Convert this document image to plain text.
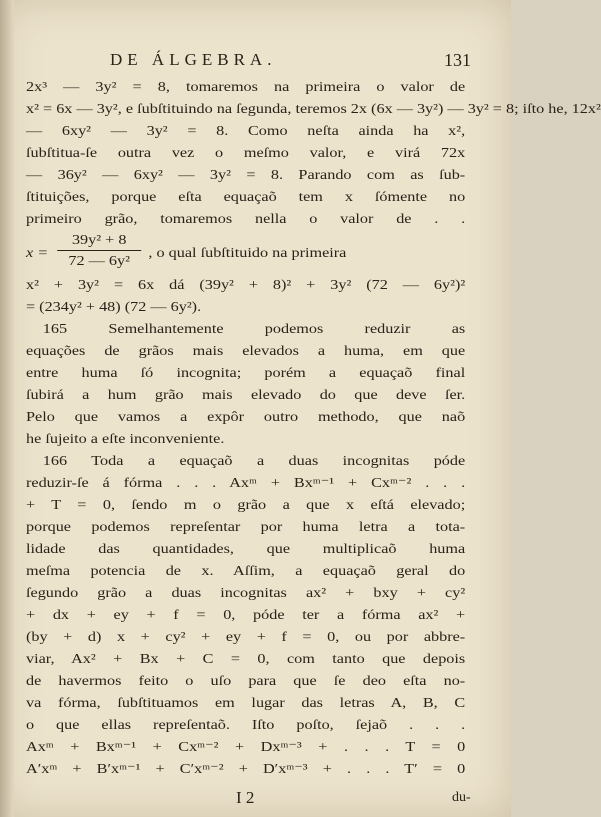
DE ÁLGEBRA.	131
2x³ — 3y² = 8, tomaremos na primeira o valor de
x² = 6x — 3y², e ſubſtituindo na ſegunda, teremos 2x (6x — 3y²) — 3y² = 8; iſto he, 12x²
— 6xy² — 3y² = 8. Como neſta ainda ha x²,
ſubſtitua-ſe outra vez o meſmo valor, e virá 72x
— 36y² — 6xy² — 3y² = 8. Parando com as ſub-
ſtituições, porque eſta equaçaõ tem x ſómente no
primeiro grão, tomaremos nella o valor de . .
$x = \frac{\text{39y² + 8}}{\text{72 — 6y²}}$ , o qual ſubſtituido na primeira
x² + 3y² = 6x dá (39y² + 8)² + 3y² (72 — 6y²)²
= (234y² + 48) (72 — 6y²).
165 Semelhantemente podemos reduzir as
equações de grãos mais elevados a huma, em que
entre huma ſó incognita; porém a equaçaõ final
ſubirá a hum grão mais elevado do que deve ſer.
Pelo que vamos a expôr outro methodo, que naõ
he ſujeito a eſte inconveniente.
166 Toda a equaçaõ a duas incognitas póde
reduzir-ſe á fórma . . . Axᵐ + Bxᵐ⁻¹ + Cxᵐ⁻² . . .
+ T = 0, ſendo m o grão a que x eſtá elevado;
porque podemos repreſentar por huma letra a tota-
lidade das quantidades, que multiplicaõ huma
meſma potencia de x. Aſſim, a equaçaõ geral do
ſegundo grão a duas incognitas ax² + bxy + cy²
+ dx + ey + f = 0, póde ter a fórma ax² +
(by + d) x + cy² + ey + f = 0, ou por abbre-
viar, Ax² + Bx + C = 0, com tanto que depois
de havermos feito o uſo para que ſe deo eſta no-
va fórma, ſubſtituamos em lugar das letras A, B, C
o que ellas repreſentaõ. Iſto poſto, ſejaõ . . .
Axᵐ + Bxᵐ⁻¹ + Cxᵐ⁻² + Dxᵐ⁻³ + . . . T = 0
A′xᵐ + B′xᵐ⁻¹ + C′xᵐ⁻² + D′xᵐ⁻³ + . . . T′ = 0
I 2	du-
